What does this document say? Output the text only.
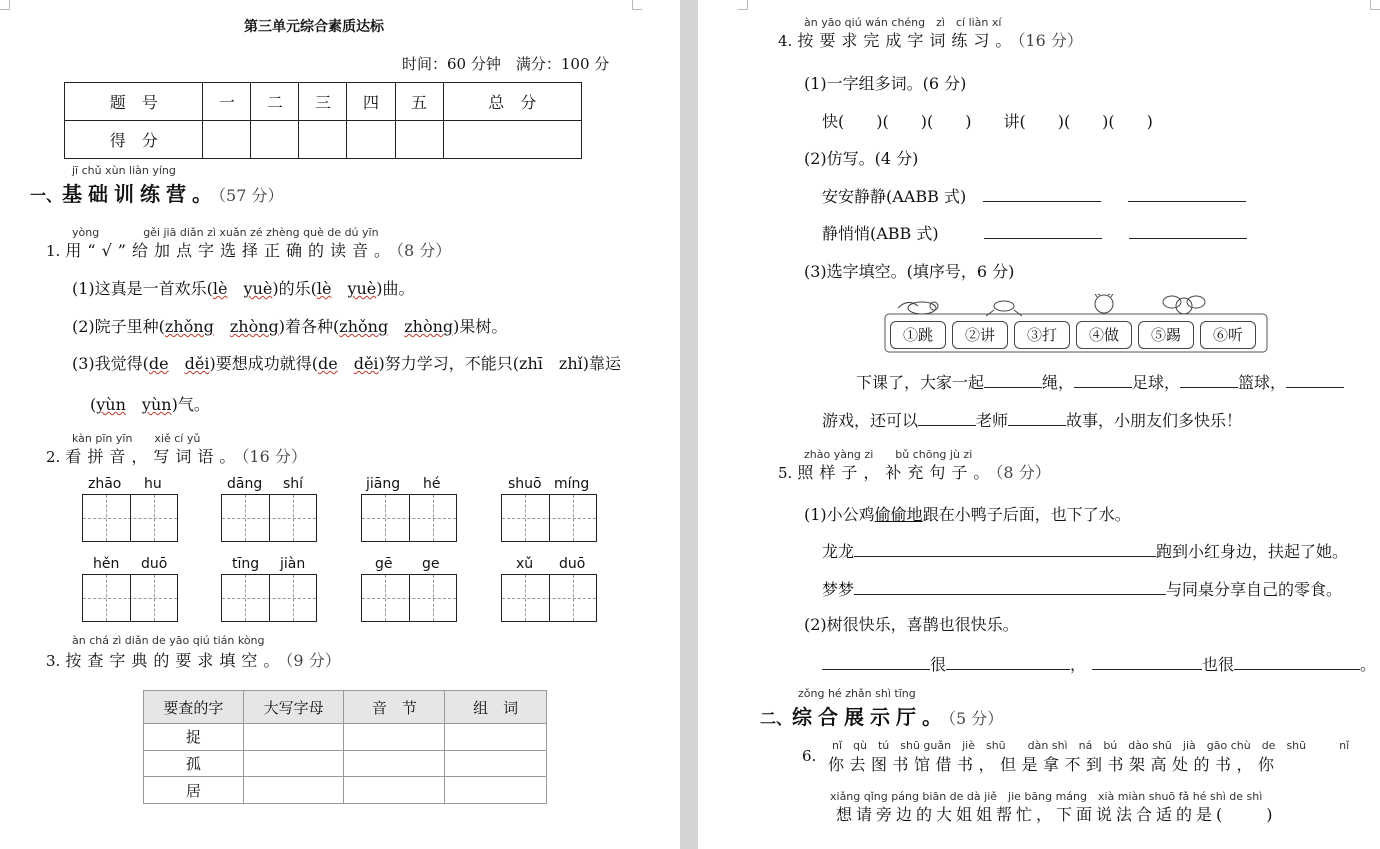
第三单元综合素质达标
时间：60 分钟　满分：100 分
题　号	一	二	三	四	五	总　分
得　分						
jī chǔ xùn liàn yíng
一、基础训练营。（57 分）
yòng　　　　gěi jiā diǎn zì xuǎn zé zhèng què de dú yīn
1. 用“√”给加点字选择正确的读音。（8 分）
(1)这真是一首欢乐(lè　 yuè)的乐(lè　 yuè)曲。
(2)院子里种(zhǒng　 zhòng)着各种(zhǒng　 zhòng)果树。
(3)我觉得(de　 děi)要想成功就得(de　 děi)努力学习，不能只(zhī　zhǐ)靠运
(yùn　 yùn)气。
kàn pīn yīn　　xiě cí yǔ
2. 看拼音，写词语。（16 分）
zhāo hu	dāng shí	jiāng hé	shuō míng
hěn duō	tīng jiàn	gē ge	xǔ duō
àn chá zì diǎn de yāo qiú tián kòng
3. 按查字典的要求填空。（9 分）
要查的字	大写字母	音　节	组　词
捉			
孤			
居			
àn yāo qiú wán chéng　zì　cí liàn xí
4. 按要求完成字词练习。（16 分）
(1)一字组多词。(6 分)
快(　　)(　　)(　　)　　讲(　　)(　　)(　　)
(2)仿写。(4 分)
安安静静(AABB 式)
静悄悄(ABB 式)
(3)选字填空。(填序号，6 分)
①跳	②讲	③打	④做	⑤踢	⑥听
下课了，大家一起	绳，	足球，	篮球，
游戏，还可以	老师	故事，小朋友们多快乐！
zhào yàng zi　　bǔ chōng jù zi
5. 照样子，补充句子。（8 分）
(1)小公鸡偷偷地跟在小鸭子后面，也下了水。
龙龙	跑到小红身边，扶起了她。
梦梦	与同桌分享自己的零食。
(2)树很快乐，喜鹊也很快乐。
很	，	也很	。
zǒng hé zhǎn shì tīng
二、综合展示厅。（5 分）
nǐ　qù　tú　shū guǎn　jiè　shū　　dàn shì　ná　bú　dào shū　jià　gāo chù　de　shū　　　nǐ
6. 你去图书馆借书，但是拿不到书架高处的书，你
xiǎng qǐng páng biān de dà jiě　jie bāng máng　xià miàn shuō fǎ hé shì de shì
想请旁边的大姐姐帮忙，下面说法合适的是(　　)
